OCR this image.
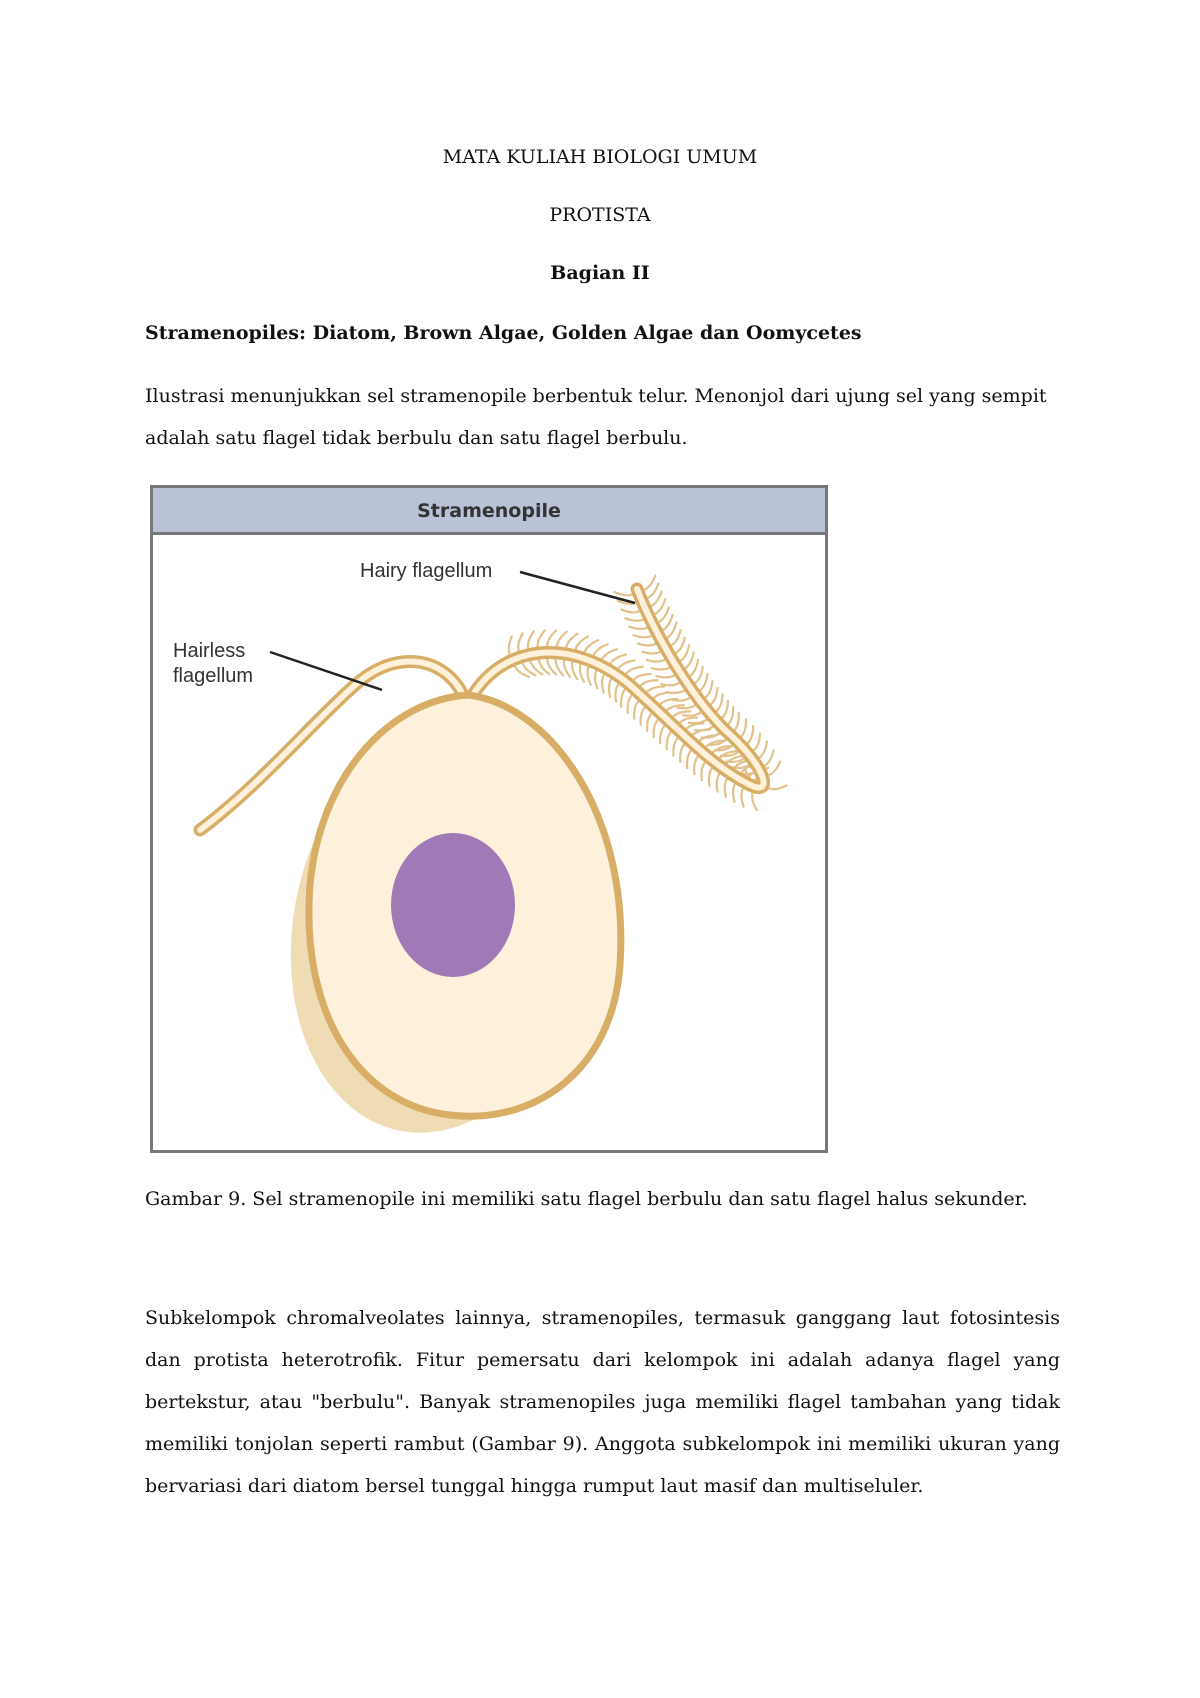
MATA KULIAH BIOLOGI UMUM
PROTISTA
Bagian II
Stramenopiles: Diatom, Brown Algae, Golden Algae dan Oomycetes

Ilustrasi menunjukkan sel stramenopile berbentuk telur. Menonjol dari ujung sel yang sempit adalah satu flagel tidak berbulu dan satu flagel berbulu.

Stramenopile
Hairy flagellum
Hairless
flagellum

Gambar 9. Sel stramenopile ini memiliki satu flagel berbulu dan satu flagel halus sekunder.

Subkelompok chromalveolates lainnya, stramenopiles, termasuk ganggang laut fotosintesis dan protista heterotrofik. Fitur pemersatu dari kelompok ini adalah adanya flagel yang bertekstur, atau "berbulu". Banyak stramenopiles juga memiliki flagel tambahan yang tidak memiliki tonjolan seperti rambut (Gambar 9). Anggota subkelompok ini memiliki ukuran yang bervariasi dari diatom bersel tunggal hingga rumput laut masif dan multiseluler.
